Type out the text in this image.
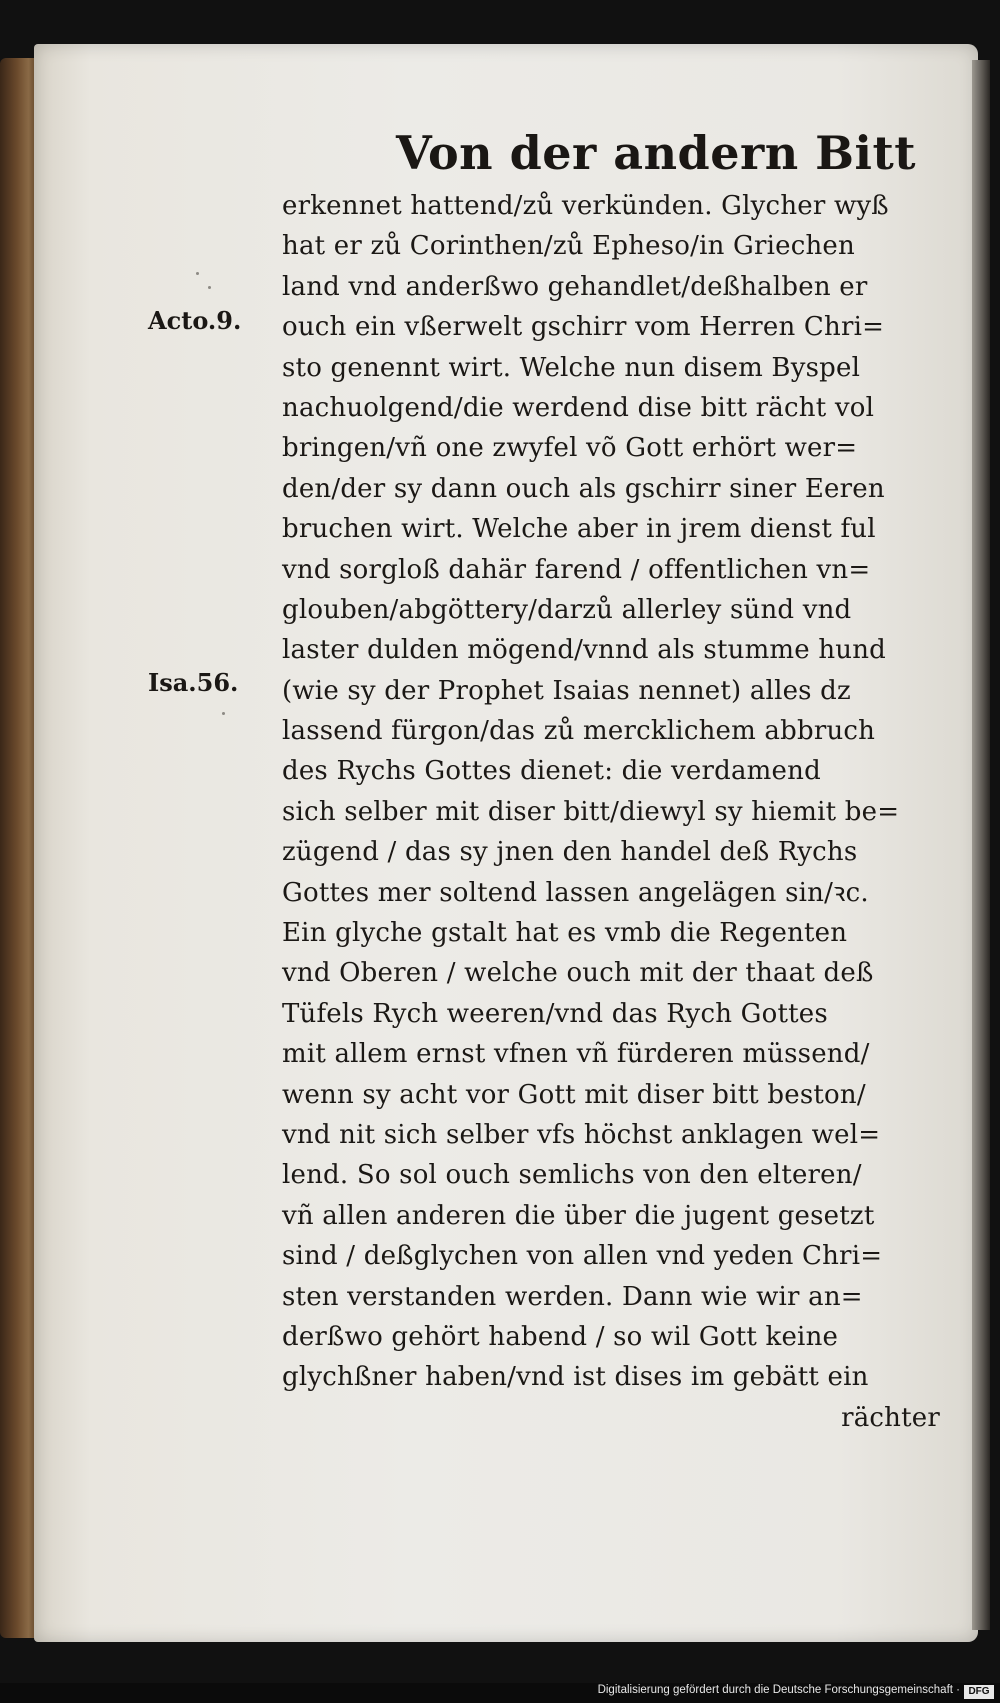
Von der andern Bitt
Acto.9.
Isa.56.
erkennet hattend/zů verkünden. Glycher wyß
hat er zů Corinthen/zů Epheso/in Griechen
land vnd anderßwo gehandlet/deßhalben er
ouch ein vßerwelt gschirr vom Herren Chri=
sto genennt wirt. Welche nun disem Byspel
nachuolgend/die werdend dise bitt rächt vol
bringen/vñ one zwyfel võ Gott erhört wer=
den/der sy dann ouch als gschirr siner Eeren
bruchen wirt. Welche aber in jrem dienst ful
vnd sorgloß dahär farend / offentlichen vn=
glouben/abgöttery/darzů allerley sünd vnd
laster dulden mögend/vnnd als stumme hund
(wie sy der Prophet Isaias nennet) alles dz
lassend fürgon/das zů mercklichem abbruch
des Rychs Gottes dienet: die verdamend
sich selber mit diser bitt/diewyl sy hiemit be=
zügend / das sy jnen den handel deß Rychs
Gottes mer soltend lassen angelägen sin/ꝛc.
Ein glyche gstalt hat es vmb die Regenten
vnd Oberen / welche ouch mit der thaat deß
Tüfels Rych weeren/vnd das Rych Gottes
mit allem ernst vfnen vñ fürderen müssend/
wenn sy acht vor Gott mit diser bitt beston/
vnd nit sich selber vfs höchst anklagen wel=
lend. So sol ouch semlichs von den elteren/
vñ allen anderen die über die jugent gesetzt
sind / deßglychen von allen vnd yeden Chri=
sten verstanden werden. Dann wie wir an=
derßwo gehört habend / so wil Gott keine
glychßner haben/vnd ist dises im gebätt ein
rächter
Digitalisierung gefördert durch die Deutsche Forschungsgemeinschaft · DFG
